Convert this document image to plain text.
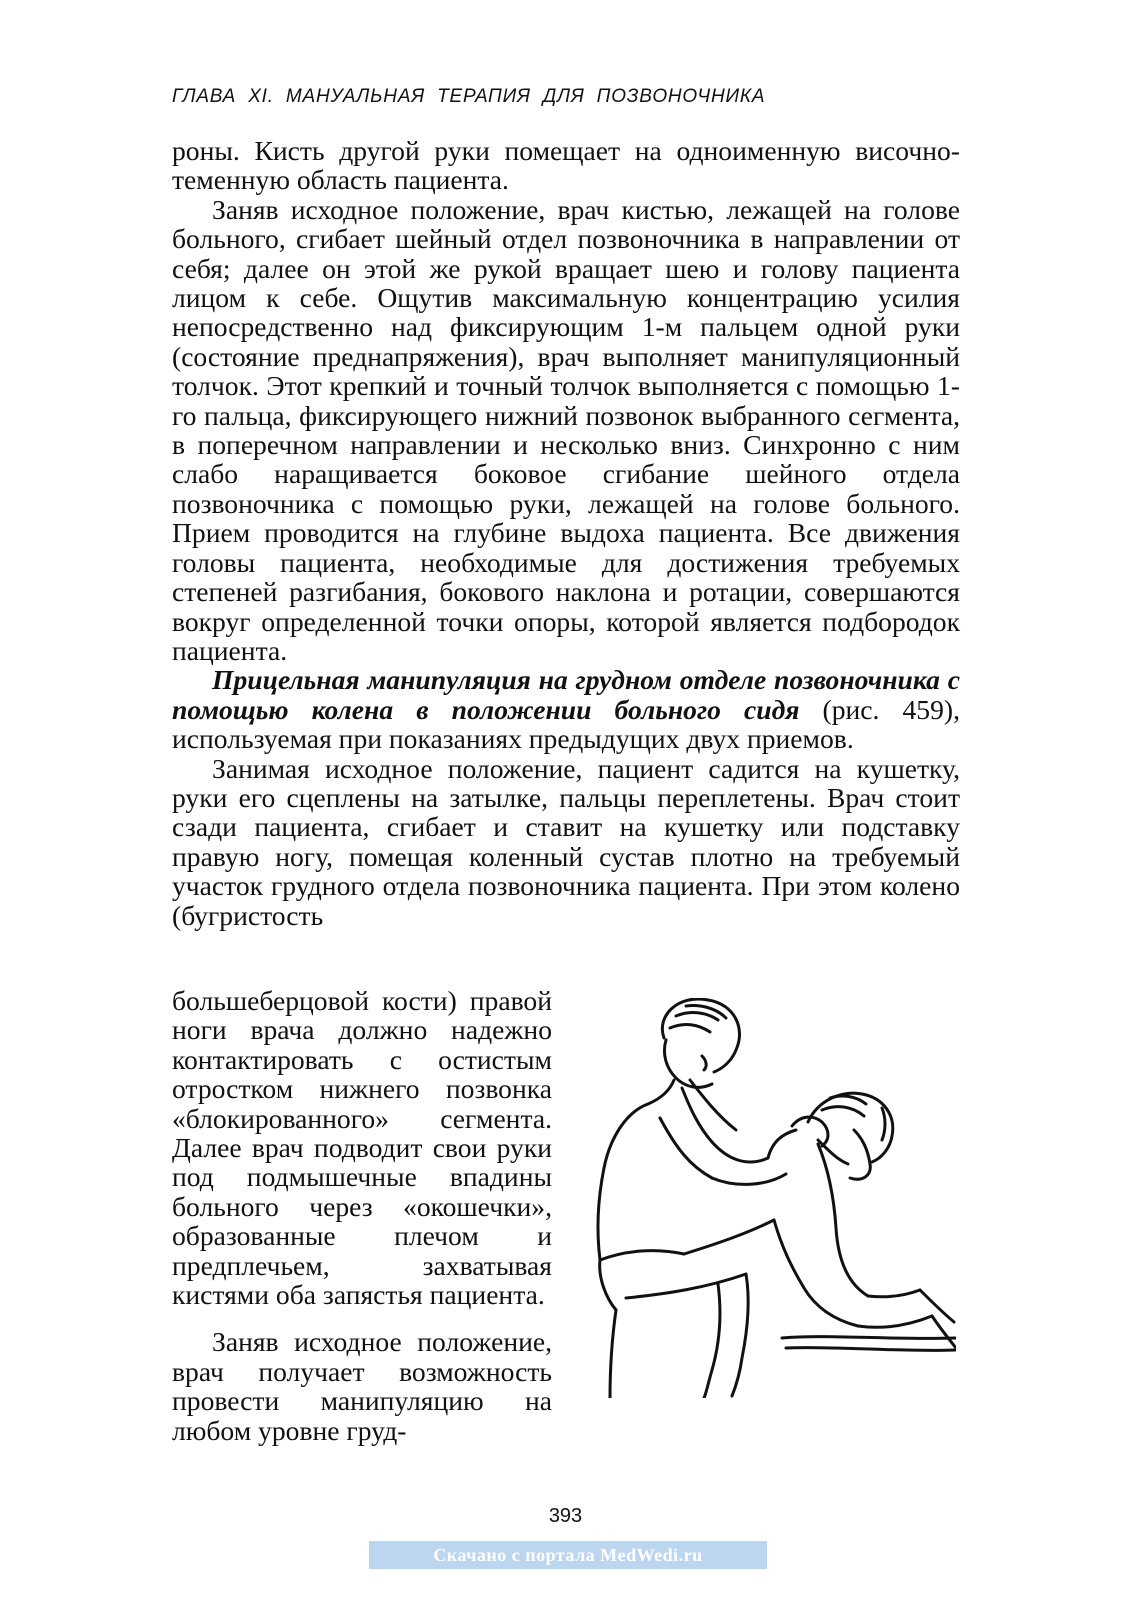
ГЛАВА XI. МАНУАЛЬНАЯ ТЕРАПИЯ ДЛЯ ПОЗВОНОЧНИКА

роны. Кисть другой руки помещает на одноименную височно-теменную область пациента.

Заняв исходное положение, врач кистью, лежащей на голове больного, сгибает шейный отдел позвоночника в направлении от себя; далее он этой же рукой вращает шею и голову пациента лицом к себе. Ощутив максимальную концентрацию усилия непосредственно над фиксирующим 1-м пальцем одной руки (состояние преднапряжения), врач выполняет манипуляционный толчок. Этот крепкий и точный толчок выполняется с помощью 1-го пальца, фиксирующего нижний позвонок выбранного сегмента, в поперечном направлении и несколько вниз. Синхронно с ним слабо наращивается боковое сгибание шейного отдела позвоночника с помощью руки, лежащей на голове больного. Прием проводится на глубине выдоха пациента. Все движения головы пациента, необходимые для достижения требуемых степеней разгибания, бокового наклона и ротации, совершаются вокруг определенной точки опоры, которой является подбородок пациента.

Прицельная манипуляция на грудном отделе позвоночника с помощью колена в положении больного сидя (рис. 459), используемая при показаниях предыдущих двух приемов.

Занимая исходное положение, пациент садится на кушетку, руки его сцеплены на затылке, пальцы переплетены. Врач стоит сзади пациента, сгибает и ставит на кушетку или подставку правую ногу, помещая коленный сустав плотно на требуемый участок грудного отдела позвоночника пациента. При этом колено (бугристость

большеберцовой кости) правой ноги врача должно надежно контактировать с остистым отростком нижнего позвонка «блокированного» сегмента. Далее врач подводит свои руки под подмышечные впадины больного через «окошечки», образованные плечом и предплечьем, захватывая кистями оба запястья пациента.

Заняв исходное положение, врач получает возможность провести манипуляцию на любом уровне груд-

393
Скачано с портала MedWedi.ru
